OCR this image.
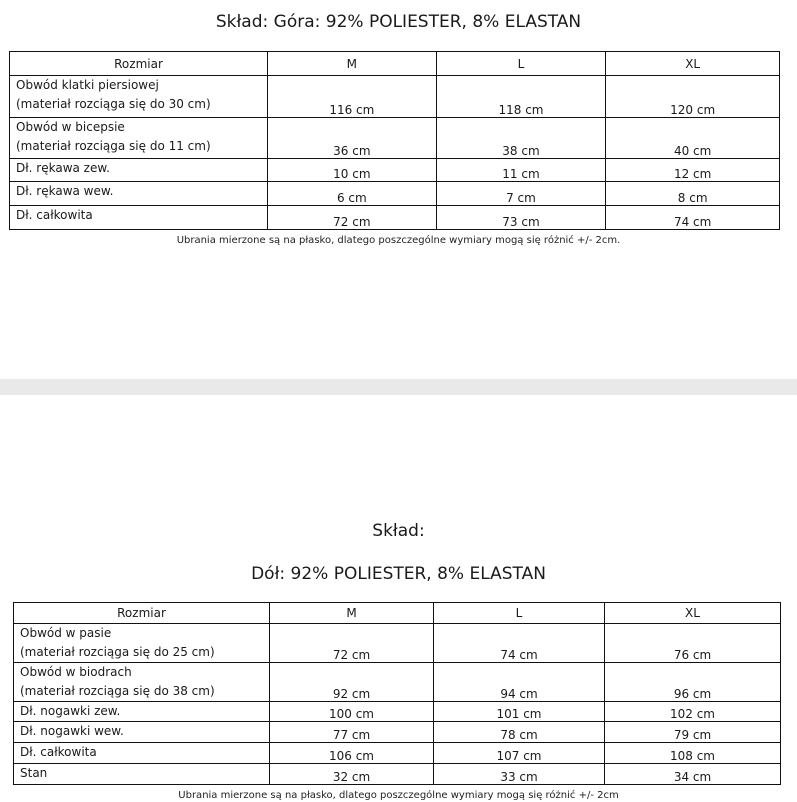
Skład: Góra: 92% POLIESTER, 8% ELASTAN
Rozmiar	M	L	XL

Obwód klatki piersiowej
(materiał rozciąga się do 30 cm)	116 cm	118 cm	120 cm

Obwód w bicepsie
(materiał rozciąga się do 11 cm)	36 cm	38 cm	40 cm

Dł. rękawa zew.	10 cm	11 cm	12 cm

Dł. rękawa wew.	6 cm	7 cm	8 cm

Dł. całkowita	72 cm	73 cm	74 cm
Ubrania mierzone są na płasko, dlatego poszczególne wymiary mogą się różnić +/- 2cm.
Skład:
Dół: 92% POLIESTER, 8% ELASTAN
Rozmiar	M	L	XL

Obwód w pasie
(materiał rozciąga się do 25 cm)	72 cm	74 cm	76 cm

Obwód w biodrach
(materiał rozciąga się do 38 cm)	92 cm	94 cm	96 cm

Dł. nogawki zew.	100 cm	101 cm	102 cm

Dł. nogawki wew.	77 cm	78 cm	79 cm

Dł. całkowita	106 cm	107 cm	108 cm

Stan	32 cm	33 cm	34 cm
Ubrania mierzone są na płasko, dlatego poszczególne wymiary mogą się różnić +/- 2cm
